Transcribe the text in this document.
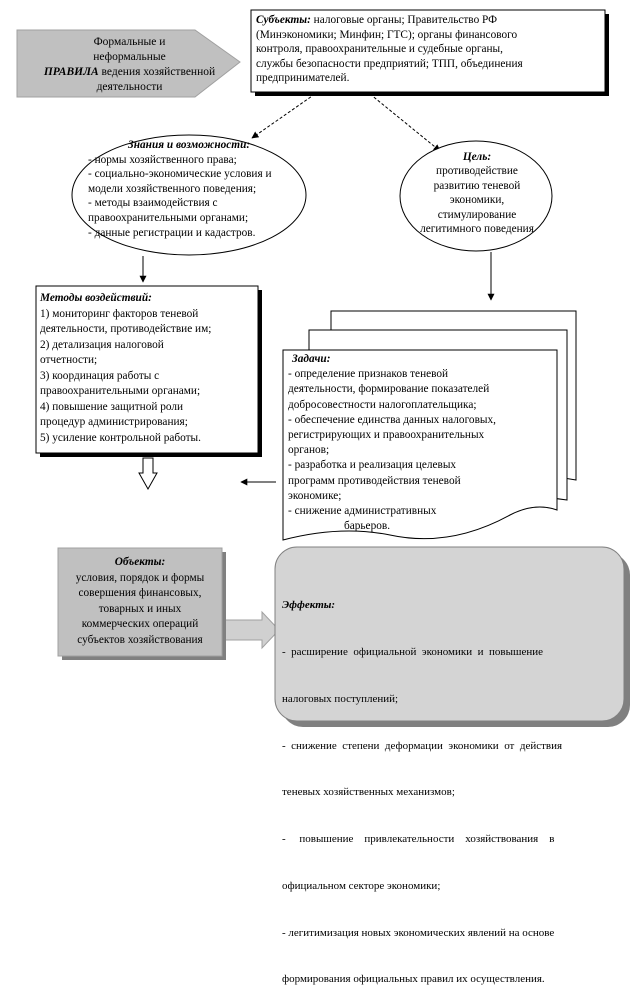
Формальные и
неформальные
ПРАВИЛА ведения хозяйственной
деятельности
Субъекты: налоговые органы; Правительство РФ
(Минэкономики; Минфин; ГТС); органы финансового
контроля, правоохранительные и судебные органы,
службы безопасности предприятий; ТПП, объединения
предпринимателей.
Знания и возможности:
- нормы хозяйственного права;
- социально-экономические условия и
модели хозяйственного поведения;
- методы взаимодействия с
правоохранительными органами;
- данные регистрации и кадастров.
Цель:
противодействие
развитию теневой
экономики,
стимулирование
легитимного поведения
Методы воздействий:
1) мониторинг факторов теневой
деятельности, противодействие им;
2) детализация налоговой
отчетности;
3) координация работы с
правоохранительными органами;
4) повышение защитной роли
процедур администрирования;
5) усиление контрольной работы.
Задачи:
- определение признаков теневой
деятельности, формирование показателей
добросовестности налогоплательщика;
- обеспечение единства данных налоговых,
регистрирующих и правоохранительных
органов;
- разработка и реализация целевых
программ противодействия теневой
экономике;
- снижение административных
барьеров.
Объекты:
условия, порядок и формы
совершения финансовых,
товарных и иных
коммерческих операций
субъектов хозяйствования

Эффекты:

-  расширение  официальной  экономики  и  повышение

налоговых поступлений;

-  снижение  степени  деформации  экономики  от  действия

теневых хозяйственных механизмов;

-     повышение    привлекательности    хозяйствования    в

официальном секторе экономики;

- легитимизация новых экономических явлений на основе

формирования официальных правил их осуществления.
